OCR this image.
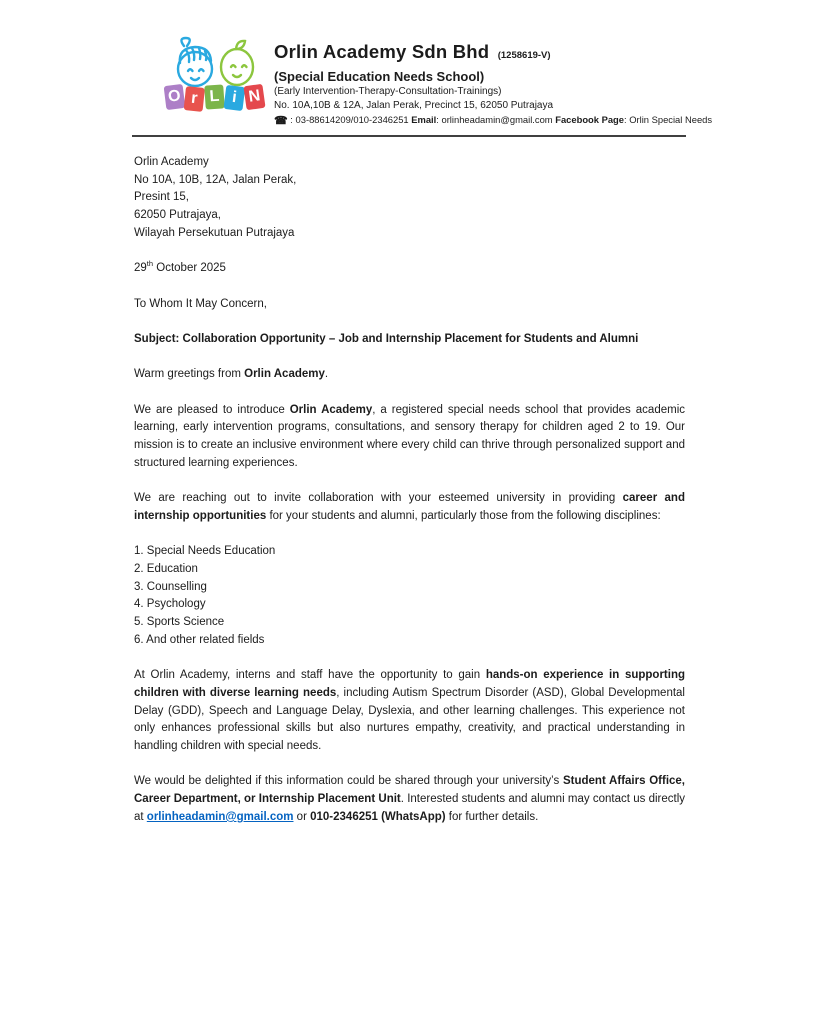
O r L i N
Orlin Academy Sdn Bhd (1258619-V)
(Special Education Needs School)
(Early Intervention-Therapy-Consultation-Trainings)
No. 10A,10B & 12A, Jalan Perak, Precinct 15, 62050 Putrajaya
☎ : 03-88614209/010-2346251 Email: orlinheadamin@gmail.com Facebook Page: Orlin Special Needs
Orlin Academy
No 10A, 10B, 12A, Jalan Perak,
Presint 15,
62050 Putrajaya,
Wilayah Persekutuan Putrajaya
29th October 2025
To Whom It May Concern,
Subject: Collaboration Opportunity – Job and Internship Placement for Students and Alumni
Warm greetings from Orlin Academy.
We are pleased to introduce Orlin Academy, a registered special needs school that provides academic learning, early intervention programs, consultations, and sensory therapy for children aged 2 to 19. Our mission is to create an inclusive environment where every child can thrive through personalized support and structured learning experiences.
We are reaching out to invite collaboration with your esteemed university in providing career and internship opportunities for your students and alumni, particularly those from the following disciplines:
1. Special Needs Education
2. Education
3. Counselling
4. Psychology
5. Sports Science
6. And other related fields
At Orlin Academy, interns and staff have the opportunity to gain hands-on experience in supporting children with diverse learning needs, including Autism Spectrum Disorder (ASD), Global Developmental Delay (GDD), Speech and Language Delay, Dyslexia, and other learning challenges. This experience not only enhances professional skills but also nurtures empathy, creativity, and practical understanding in handling children with special needs.
We would be delighted if this information could be shared through your university’s Student Affairs Office, Career Department, or Internship Placement Unit. Interested students and alumni may contact us directly at orlinheadamin@gmail.com or 010-2346251 (WhatsApp) for further details.
